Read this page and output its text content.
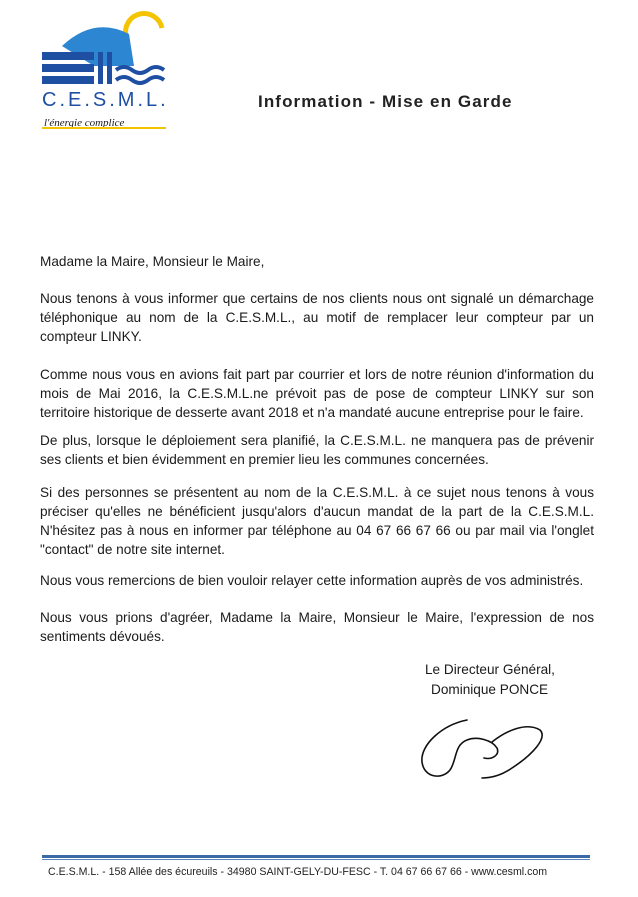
C.E.S.M.L.
l'énergie complice
Information - Mise en Garde

Madame la Maire, Monsieur le Maire,

Nous tenons à vous informer que certains de nos clients nous ont signalé un démarchage téléphonique au nom de la C.E.S.M.L., au motif de remplacer leur compteur par un compteur LINKY.

Comme nous vous en avions fait part par courrier et lors de notre réunion d'information du mois de Mai 2016, la C.E.S.M.L.ne prévoit pas de pose de compteur LINKY sur son territoire historique de desserte avant 2018 et n'a mandaté aucune entreprise pour le faire.

De plus, lorsque le déploiement sera planifié, la C.E.S.M.L. ne manquera pas de prévenir ses clients et bien évidemment en premier lieu les communes concernées.

Si des personnes se présentent au nom de la C.E.S.M.L. à ce sujet nous tenons à vous préciser qu'elles ne bénéficient jusqu'alors d'aucun mandat de la part de la C.E.S.M.L. N'hésitez pas à nous en informer par téléphone au 04 67 66 67 66 ou par mail via l'onglet "contact" de notre site internet.

Nous vous remercions de bien vouloir relayer cette information auprès de vos administrés.

Nous vous prions d'agréer, Madame la Maire, Monsieur le Maire, l'expression de nos sentiments dévoués.

Le Directeur Général,
Dominique PONCE
C.E.S.M.L. - 158 Allée des écureuils - 34980 SAINT-GELY-DU-FESC - T. 04 67 66 67 66 - www.cesml.com
